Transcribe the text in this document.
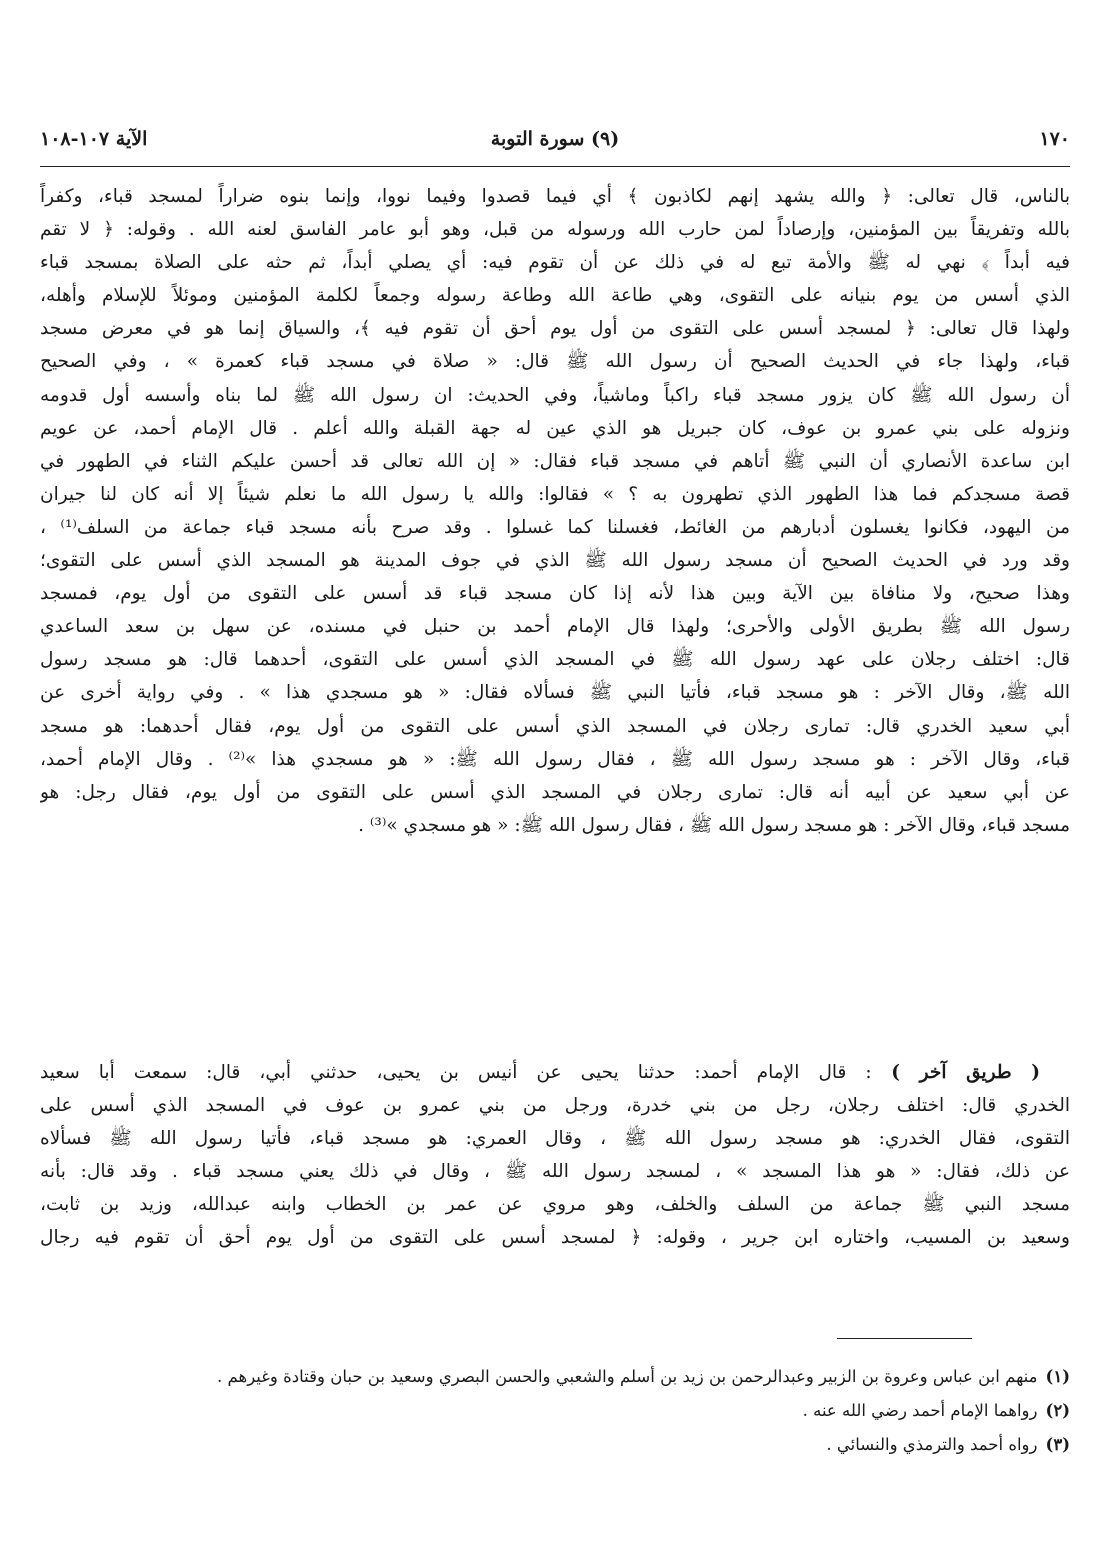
١٧٠
(٩) سورة التوبة
الآية ١٠٧-١٠٨
بالناس، قال تعالى: ﴿ والله يشهد إنهم لكاذبون ﴾ أي فيما قصدوا وفيما نووا، وإنما بنوه ضراراً لمسجد قباء، وكفراً
بالله وتفريقاً بين المؤمنين، وإرصاداً لمن حارب الله ورسوله من قبل، وهو أبو عامر الفاسق لعنه الله . وقوله: ﴿ لا تقم
فيه أبداً ﴾ نهي له ﷺ والأمة تبع له في ذلك عن أن تقوم فيه: أي يصلي أبداً، ثم حثه على الصلاة بمسجد قباء
الذي أسس من يوم بنيانه على التقوى، وهي طاعة الله وطاعة رسوله وجمعاً لكلمة المؤمنين وموئلاً للإسلام وأهله،
ولهذا قال تعالى: ﴿ لمسجد أسس على التقوى من أول يوم أحق أن تقوم فيه ﴾، والسياق إنما هو في معرض مسجد
قباء، ولهذا جاء في الحديث الصحيح أن رسول الله ﷺ قال: « صلاة في مسجد قباء كعمرة » ، وفي الصحيح
أن رسول الله ﷺ كان يزور مسجد قباء راكباً وماشياً، وفي الحديث: ان رسول الله ﷺ لما بناه وأسسه أول قدومه
ونزوله على بني عمرو بن عوف، كان جبريل هو الذي عين له جهة القبلة والله أعلم . قال الإمام أحمد، عن عويم
ابن ساعدة الأنصاري أن النبي ﷺ أتاهم في مسجد قباء فقال: « إن الله تعالى قد أحسن عليكم الثناء في الطهور في
قصة مسجدكم فما هذا الطهور الذي تطهرون به ؟ » فقالوا: والله يا رسول الله ما نعلم شيئاً إلا أنه كان لنا جيران
من اليهود، فكانوا يغسلون أدبارهم من الغائط، فغسلنا كما غسلوا . وقد صرح بأنه مسجد قباء جماعة من السلف⁽¹⁾ ،
وقد ورد في الحديث الصحيح أن مسجد رسول الله ﷺ الذي في جوف المدينة هو المسجد الذي أسس على التقوى؛
وهذا صحيح، ولا منافاة بين الآية وبين هذا لأنه إذا كان مسجد قباء قد أسس على التقوى من أول يوم، فمسجد
رسول الله ﷺ بطريق الأولى والأحرى؛ ولهذا قال الإمام أحمد بن حنبل في مسنده، عن سهل بن سعد الساعدي
قال: اختلف رجلان على عهد رسول الله ﷺ في المسجد الذي أسس على التقوى، أحدهما قال: هو مسجد رسول
الله ﷺ، وقال الآخر : هو مسجد قباء، فأتيا النبي ﷺ فسألاه فقال: « هو مسجدي هذا » . وفي رواية أخرى عن
أبي سعيد الخدري قال: تمارى رجلان في المسجد الذي أسس على التقوى من أول يوم، فقال أحدهما: هو مسجد
قباء، وقال الآخر : هو مسجد رسول الله ﷺ ، فقال رسول الله ﷺ: « هو مسجدي هذا »⁽²⁾ . وقال الإمام أحمد،
عن أبي سعيد عن أبيه أنه قال: تمارى رجلان في المسجد الذي أسس على التقوى من أول يوم، فقال رجل: هو
مسجد قباء، وقال الآخر : هو مسجد رسول الله ﷺ ، فقال رسول الله ﷺ: « هو مسجدي »⁽³⁾ .
( طريق آخر ) : قال الإمام أحمد: حدثنا يحيى عن أنيس بن يحيى، حدثني أبي، قال: سمعت أبا سعيد
الخدري قال: اختلف رجلان، رجل من بني خدرة، ورجل من بني عمرو بن عوف في المسجد الذي أسس على
التقوى، فقال الخدري: هو مسجد رسول الله ﷺ ، وقال العمري: هو مسجد قباء، فأتيا رسول الله ﷺ فسألاه
عن ذلك، فقال: « هو هذا المسجد » ، لمسجد رسول الله ﷺ ، وقال في ذلك يعني مسجد قباء . وقد قال: بأنه
مسجد النبي ﷺ جماعة من السلف والخلف، وهو مروي عن عمر بن الخطاب وابنه عبدالله، وزيد بن ثابت،
وسعيد بن المسيب، واختاره ابن جرير ، وقوله: ﴿ لمسجد أسس على التقوى من أول يوم أحق أن تقوم فيه رجال
(١)منهم ابن عباس وعروة بن الزبير وعبدالرحمن بن زيد بن أسلم والشعبي والحسن البصري وسعيد بن حبان وقتادة وغيرهم .
(٢)رواهما الإمام أحمد رضي الله عنه .
(٣)رواه أحمد والترمذي والنسائي .
